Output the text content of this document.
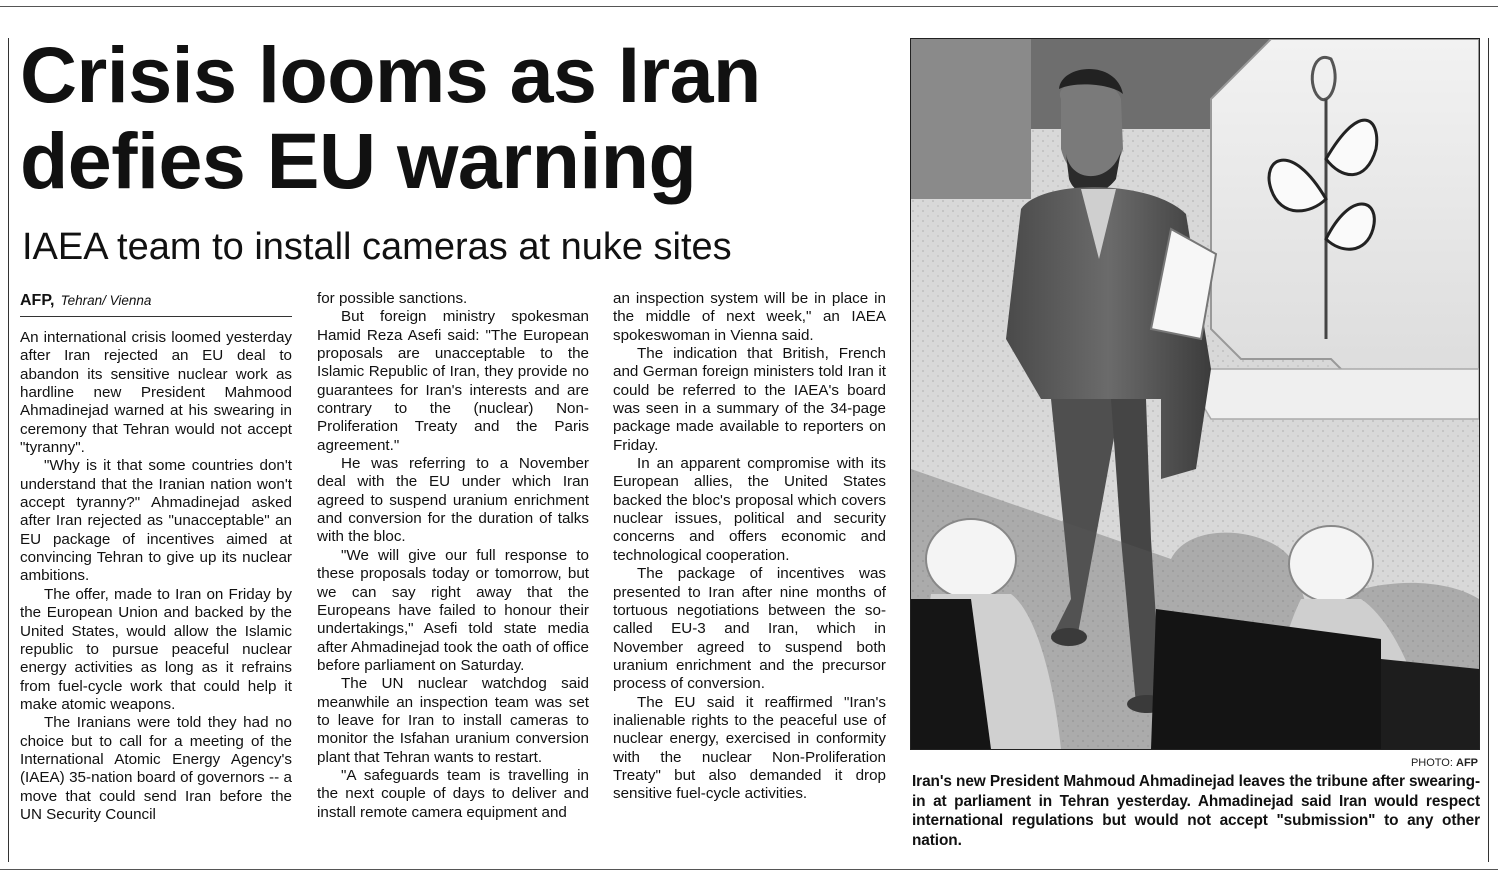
Crisis looms as Iran defies EU warning
IAEA team to install cameras at nuke sites
AFP, Tehran/ Vienna

An international crisis loomed yesterday after Iran rejected an EU deal to abandon its sensitive nuclear work as hardline new President Mahmood Ahmadinejad warned at his swearing in ceremony that Tehran would not accept "tyranny".

"Why is it that some countries don't understand that the Iranian nation won't accept tyranny?" Ahmadinejad asked after Iran rejected as "unacceptable" an EU package of incentives aimed at convincing Tehran to give up its nuclear ambitions.

The offer, made to Iran on Friday by the European Union and backed by the United States, would allow the Islamic republic to pursue peaceful nuclear energy activities as long as it refrains from fuel-cycle work that could help it make atomic weapons.

The Iranians were told they had no choice but to call for a meeting of the International Atomic Energy Agency's (IAEA) 35-nation board of governors -- a move that could send Iran before the UN Security Council

for possible sanctions.

But foreign ministry spokesman Hamid Reza Asefi said: "The European proposals are unacceptable to the Islamic Republic of Iran, they provide no guarantees for Iran's interests and are contrary to the (nuclear) Non-Proliferation Treaty and the Paris agreement."

He was referring to a November deal with the EU under which Iran agreed to suspend uranium enrichment and conversion for the duration of talks with the bloc.

"We will give our full response to these proposals today or tomorrow, but we can say right away that the Europeans have failed to honour their undertakings," Asefi told state media after Ahmadinejad took the oath of office before parliament on Saturday.

The UN nuclear watchdog said meanwhile an inspection team was set to leave for Iran to install cameras to monitor the Isfahan uranium conversion plant that Tehran wants to restart.

"A safeguards team is travelling in the next couple of days to deliver and install remote camera equipment and

an inspection system will be in place in the middle of next week," an IAEA spokeswoman in Vienna said.

The indication that British, French and German foreign ministers told Iran it could be referred to the IAEA's board was seen in a summary of the 34-page package made available to reporters on Friday.

In an apparent compromise with its European allies, the United States backed the bloc's proposal which covers nuclear issues, political and security concerns and offers economic and technological cooperation.

The package of incentives was presented to Iran after nine months of tortuous negotiations between the so-called EU-3 and Iran, which in November agreed to suspend both uranium enrichment and the precursor process of conversion.

The EU said it reaffirmed "Iran's inalienable rights to the peaceful use of nuclear energy, exercised in conformity with the nuclear Non-Proliferation Treaty" but also demanded it drop sensitive fuel-cycle activities.

PHOTO: AFP
Iran's new President Mahmoud Ahmadinejad leaves the tribune after swearing-in at parliament in Tehran yesterday. Ahmadinejad said Iran would respect international regulations but would not accept "submission" to any other nation.
